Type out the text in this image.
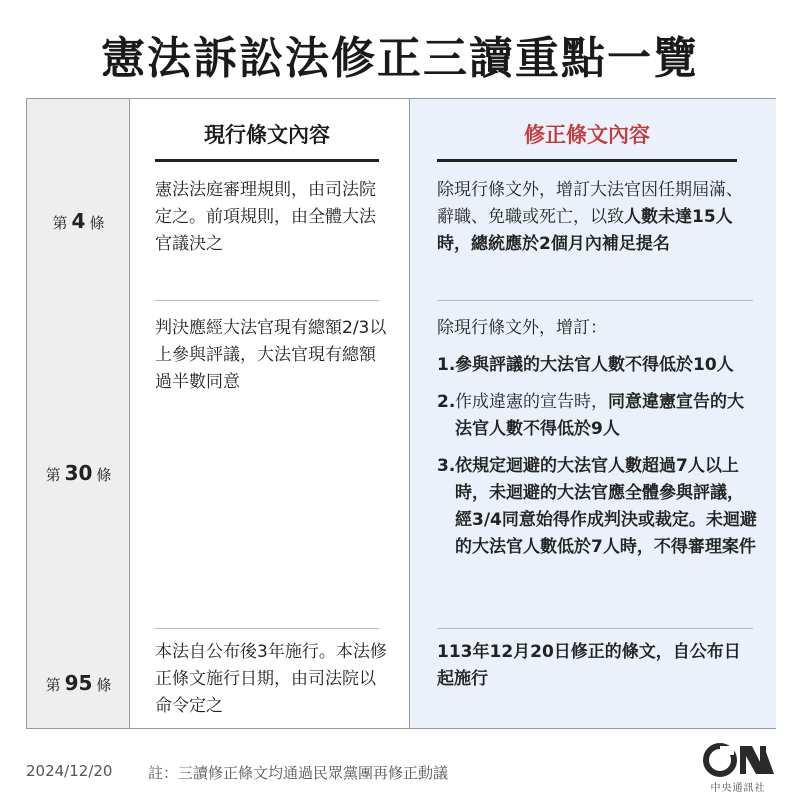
憲法訴訟法修正三讀重點一覽
現行條文內容	修正條文內容
第 4 條
憲法法庭審理規則，由司法院定之。前項規則，由全體大法官議決之
除現行條文外，增訂大法官因任期屆滿、辭職、免職或死亡，以致人數未達15人時，總統應於2個月內補足提名
第 30 條
判決應經大法官現有總額2/3以上參與評議，大法官現有總額過半數同意
除現行條文外，增訂：
1. 參與評議的大法官人數不得低於10人
2. 作成違憲的宣告時，同意違憲宣告的大法官人數不得低於9人
3. 依規定迴避的大法官人數超過7人以上時，未迴避的大法官應全體參與評議，經3/4同意始得作成判決或裁定。未迴避的大法官人數低於7人時，不得審理案件
第 95 條
本法自公布後3年施行。本法修正條文施行日期，由司法院以命令定之
113年12月20日修正的條文，自公布日起施行
2024/12/20 註：三讀修正條文均通過民眾黨團再修正動議
中央通訊社
